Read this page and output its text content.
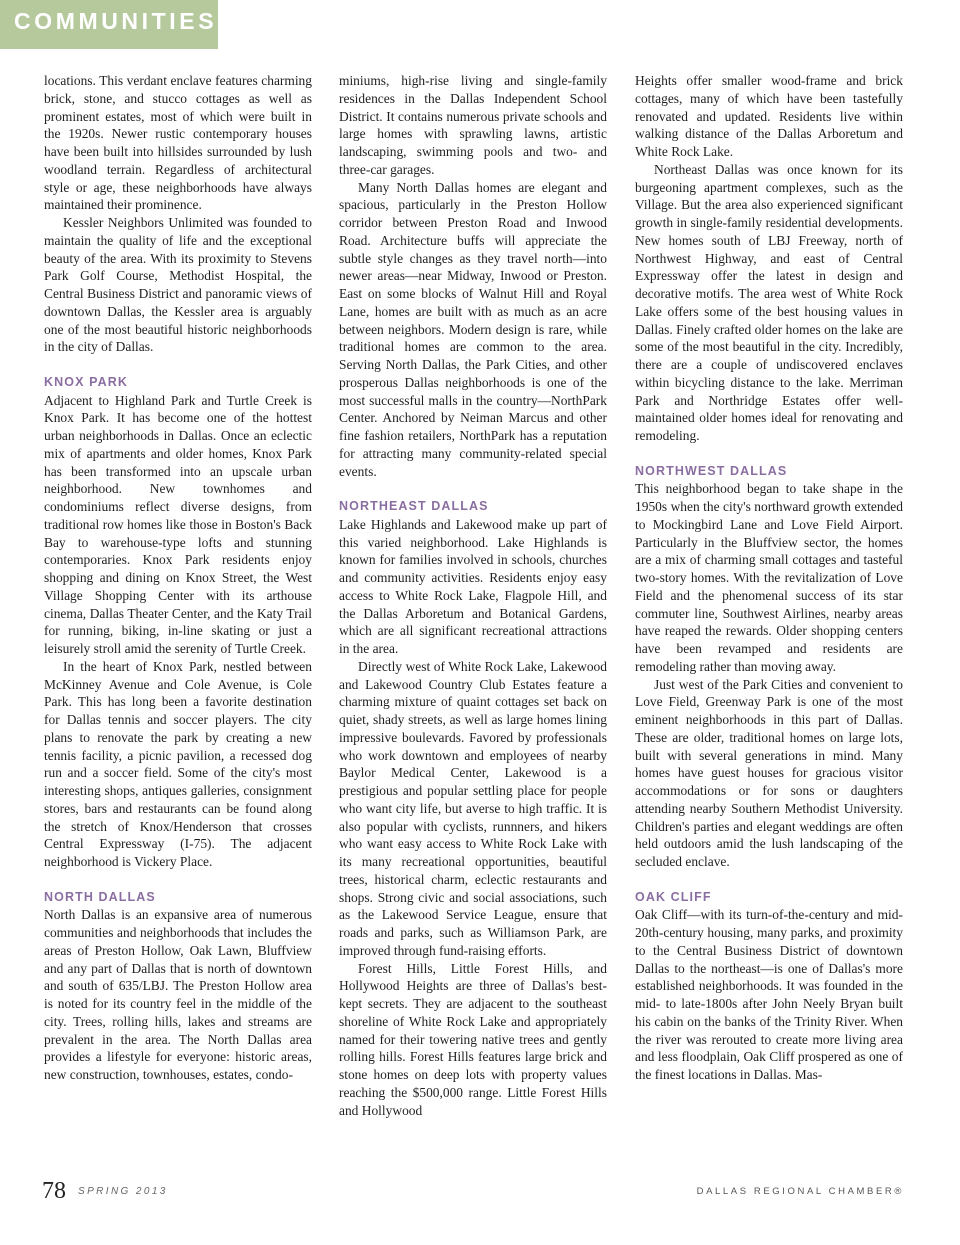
COMMUNITIES

locations. This verdant enclave features charming brick, stone, and stucco cottages as well as prominent estates, most of which were built in the 1920s. Newer rustic contemporary houses have been built into hillsides surrounded by lush woodland terrain. Regardless of architectural style or age, these neighborhoods have always maintained their prominence.

Kessler Neighbors Unlimited was founded to maintain the quality of life and the exceptional beauty of the area. With its proximity to Stevens Park Golf Course, Methodist Hospital, the Central Business District and panoramic views of downtown Dallas, the Kessler area is arguably one of the most beautiful historic neighborhoods in the city of Dallas.

KNOX PARK

Adjacent to Highland Park and Turtle Creek is Knox Park. It has become one of the hottest urban neighborhoods in Dallas. Once an eclectic mix of apartments and older homes, Knox Park has been transformed into an upscale urban neighborhood. New townhomes and condominiums reflect diverse designs, from traditional row homes like those in Boston's Back Bay to warehouse-type lofts and stunning contemporaries. Knox Park residents enjoy shopping and dining on Knox Street, the West Village Shopping Center with its arthouse cinema, Dallas Theater Center, and the Katy Trail for running, biking, in-line skating or just a leisurely stroll amid the serenity of Turtle Creek.

In the heart of Knox Park, nestled between McKinney Avenue and Cole Avenue, is Cole Park. This has long been a favorite destination for Dallas tennis and soccer players. The city plans to renovate the park by creating a new tennis facility, a picnic pavilion, a recessed dog run and a soccer field. Some of the city's most interesting shops, antiques galleries, consignment stores, bars and restaurants can be found along the stretch of Knox/Henderson that crosses Central Expressway (I-75). The adjacent neighborhood is Vickery Place.

NORTH DALLAS

North Dallas is an expansive area of numerous communities and neighborhoods that includes the areas of Preston Hollow, Oak Lawn, Bluffview and any part of Dallas that is north of downtown and south of 635/LBJ. The Preston Hollow area is noted for its country feel in the middle of the city. Trees, rolling hills, lakes and streams are prevalent in the area. The North Dallas area provides a lifestyle for everyone: historic areas, new construction, townhouses, estates, condo-

miniums, high-rise living and single-family residences in the Dallas Independent School District. It contains numerous private schools and large homes with sprawling lawns, artistic landscaping, swimming pools and two- and three-car garages.

Many North Dallas homes are elegant and spacious, particularly in the Preston Hollow corridor between Preston Road and Inwood Road. Architecture buffs will appreciate the subtle style changes as they travel north—into newer areas—near Midway, Inwood or Preston. East on some blocks of Walnut Hill and Royal Lane, homes are built with as much as an acre between neighbors. Modern design is rare, while traditional homes are common to the area. Serving North Dallas, the Park Cities, and other prosperous Dallas neighborhoods is one of the most successful malls in the country—NorthPark Center. Anchored by Neiman Marcus and other fine fashion retailers, NorthPark has a reputation for attracting many community-related special events.

NORTHEAST DALLAS

Lake Highlands and Lakewood make up part of this varied neighborhood. Lake Highlands is known for families involved in schools, churches and community activities. Residents enjoy easy access to White Rock Lake, Flagpole Hill, and the Dallas Arboretum and Botanical Gardens, which are all significant recreational attractions in the area.

Directly west of White Rock Lake, Lakewood and Lakewood Country Club Estates feature a charming mixture of quaint cottages set back on quiet, shady streets, as well as large homes lining impressive boulevards. Favored by professionals who work downtown and employees of nearby Baylor Medical Center, Lakewood is a prestigious and popular settling place for people who want city life, but averse to high traffic. It is also popular with cyclists, runnners, and hikers who want easy access to White Rock Lake with its many recreational opportunities, beautiful trees, historical charm, eclectic restaurants and shops. Strong civic and social associations, such as the Lakewood Service League, ensure that roads and parks, such as Williamson Park, are improved through fund-raising efforts.

Forest Hills, Little Forest Hills, and Hollywood Heights are three of Dallas's best-kept secrets. They are adjacent to the southeast shoreline of White Rock Lake and appropriately named for their towering native trees and gently rolling hills. Forest Hills features large brick and stone homes on deep lots with property values reaching the $500,000 range. Little Forest Hills and Hollywood

Heights offer smaller wood-frame and brick cottages, many of which have been tastefully renovated and updated. Residents live within walking distance of the Dallas Arboretum and White Rock Lake.

Northeast Dallas was once known for its burgeoning apartment complexes, such as the Village. But the area also experienced significant growth in single-family residential developments. New homes south of LBJ Freeway, north of Northwest Highway, and east of Central Expressway offer the latest in design and decorative motifs. The area west of White Rock Lake offers some of the best housing values in Dallas. Finely crafted older homes on the lake are some of the most beautiful in the city. Incredibly, there are a couple of undiscovered enclaves within bicycling distance to the lake. Merriman Park and Northridge Estates offer well-maintained older homes ideal for renovating and remodeling.

NORTHWEST DALLAS

This neighborhood began to take shape in the 1950s when the city's northward growth extended to Mockingbird Lane and Love Field Airport. Particularly in the Bluffview sector, the homes are a mix of charming small cottages and tasteful two-story homes. With the revitalization of Love Field and the phenomenal success of its star commuter line, Southwest Airlines, nearby areas have reaped the rewards. Older shopping centers have been revamped and residents are remodeling rather than moving away.

Just west of the Park Cities and convenient to Love Field, Greenway Park is one of the most eminent neighborhoods in this part of Dallas. These are older, traditional homes on large lots, built with several generations in mind. Many homes have guest houses for gracious visitor accommodations or for sons or daughters attending nearby Southern Methodist University. Children's parties and elegant weddings are often held outdoors amid the lush landscaping of the secluded enclave.

OAK CLIFF

Oak Cliff—with its turn-of-the-century and mid-20th-century housing, many parks, and proximity to the Central Business District of downtown Dallas to the northeast—is one of Dallas's more established neighborhoods. It was founded in the mid- to late-1800s after John Neely Bryan built his cabin on the banks of the Trinity River. When the river was rerouted to create more living area and less floodplain, Oak Cliff prospered as one of the finest locations in Dallas. Mas-

78 SPRING 2013	DALLAS REGIONAL CHAMBER®
